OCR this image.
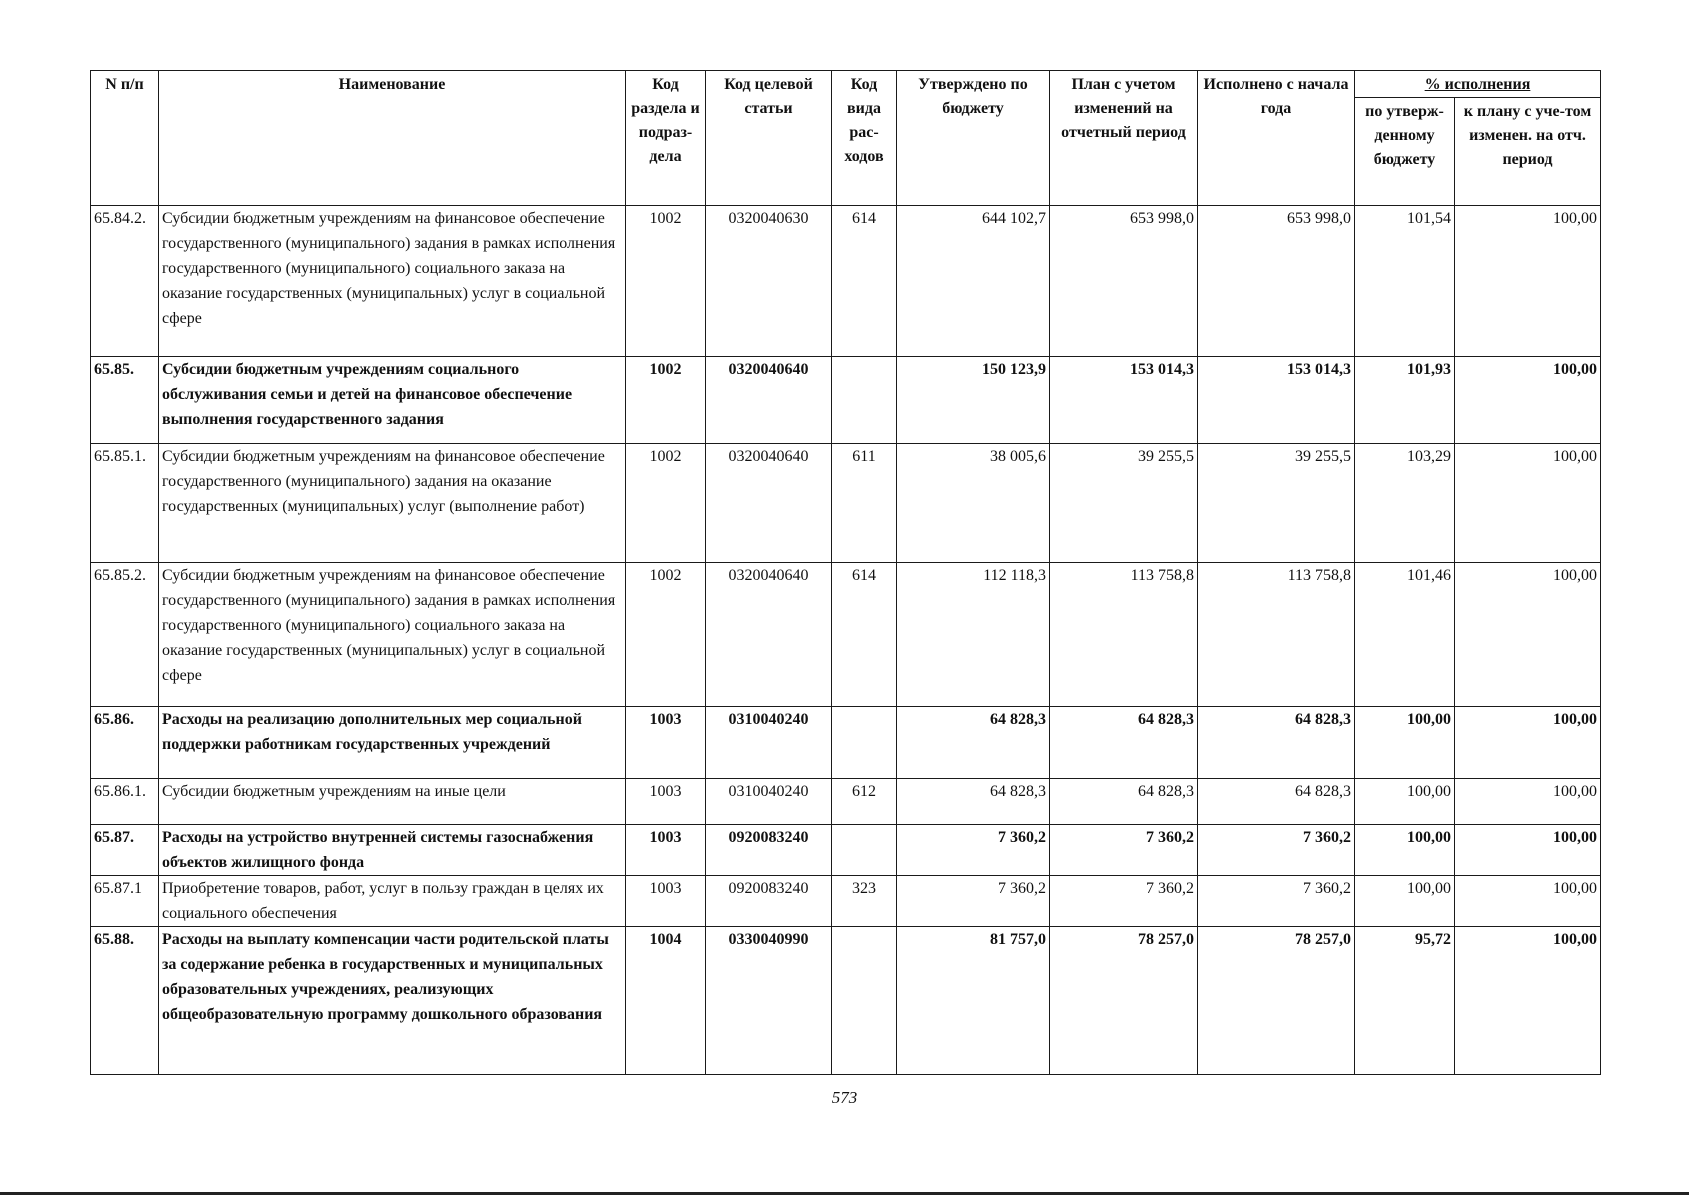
N п/п	Наименование	Код раздела и подраз-дела	Код целевой статьи	Код вида рас-ходов	Утверждено по бюджету	План с учетом изменений на отчетный период	Исполнено с начала года	% исполнения	
								по утверж-денному бюджету	к плану с уче-том изменен. на отч. период
65.84.2.	Субсидии бюджетным учреждениям на финансовое обеспечение государственного (муниципального) задания в рамках исполнения государственного (муниципального) социального заказа на оказание государственных (муниципальных) услуг в социальной сфере	1002	0320040630	614	644 102,7	653 998,0	653 998,0	101,54	100,00
65.85.	Субсидии бюджетным учреждениям социального обслуживания семьи и детей на финансовое обеспечение выполнения государственного задания	1002	0320040640		150 123,9	153 014,3	153 014,3	101,93	100,00
65.85.1.	Субсидии бюджетным учреждениям на финансовое обеспечение государственного (муниципального) задания на оказание государственных (муниципальных) услуг (выполнение работ)	1002	0320040640	611	38 005,6	39 255,5	39 255,5	103,29	100,00
65.85.2.	Субсидии бюджетным учреждениям на финансовое обеспечение государственного (муниципального) задания в рамках исполнения государственного (муниципального) социального заказа на оказание государственных (муниципальных) услуг в социальной сфере	1002	0320040640	614	112 118,3	113 758,8	113 758,8	101,46	100,00
65.86.	Расходы на реализацию дополнительных мер социальной поддержки работникам государственных учреждений	1003	0310040240		64 828,3	64 828,3	64 828,3	100,00	100,00
65.86.1.	Субсидии бюджетным учреждениям на иные цели	1003	0310040240	612	64 828,3	64 828,3	64 828,3	100,00	100,00
65.87.	Расходы на устройство внутренней системы газоснабжения объектов жилищного фонда	1003	0920083240		7 360,2	7 360,2	7 360,2	100,00	100,00
65.87.1	Приобретение товаров, работ, услуг в пользу граждан в целях их социального обеспечения	1003	0920083240	323	7 360,2	7 360,2	7 360,2	100,00	100,00
65.88.	Расходы на выплату компенсации части родительской платы за содержание ребенка в государственных и муниципальных образовательных учреждениях, реализующих общеобразовательную программу дошкольного образования	1004	0330040990		81 757,0	78 257,0	78 257,0	95,72	100,00
573
